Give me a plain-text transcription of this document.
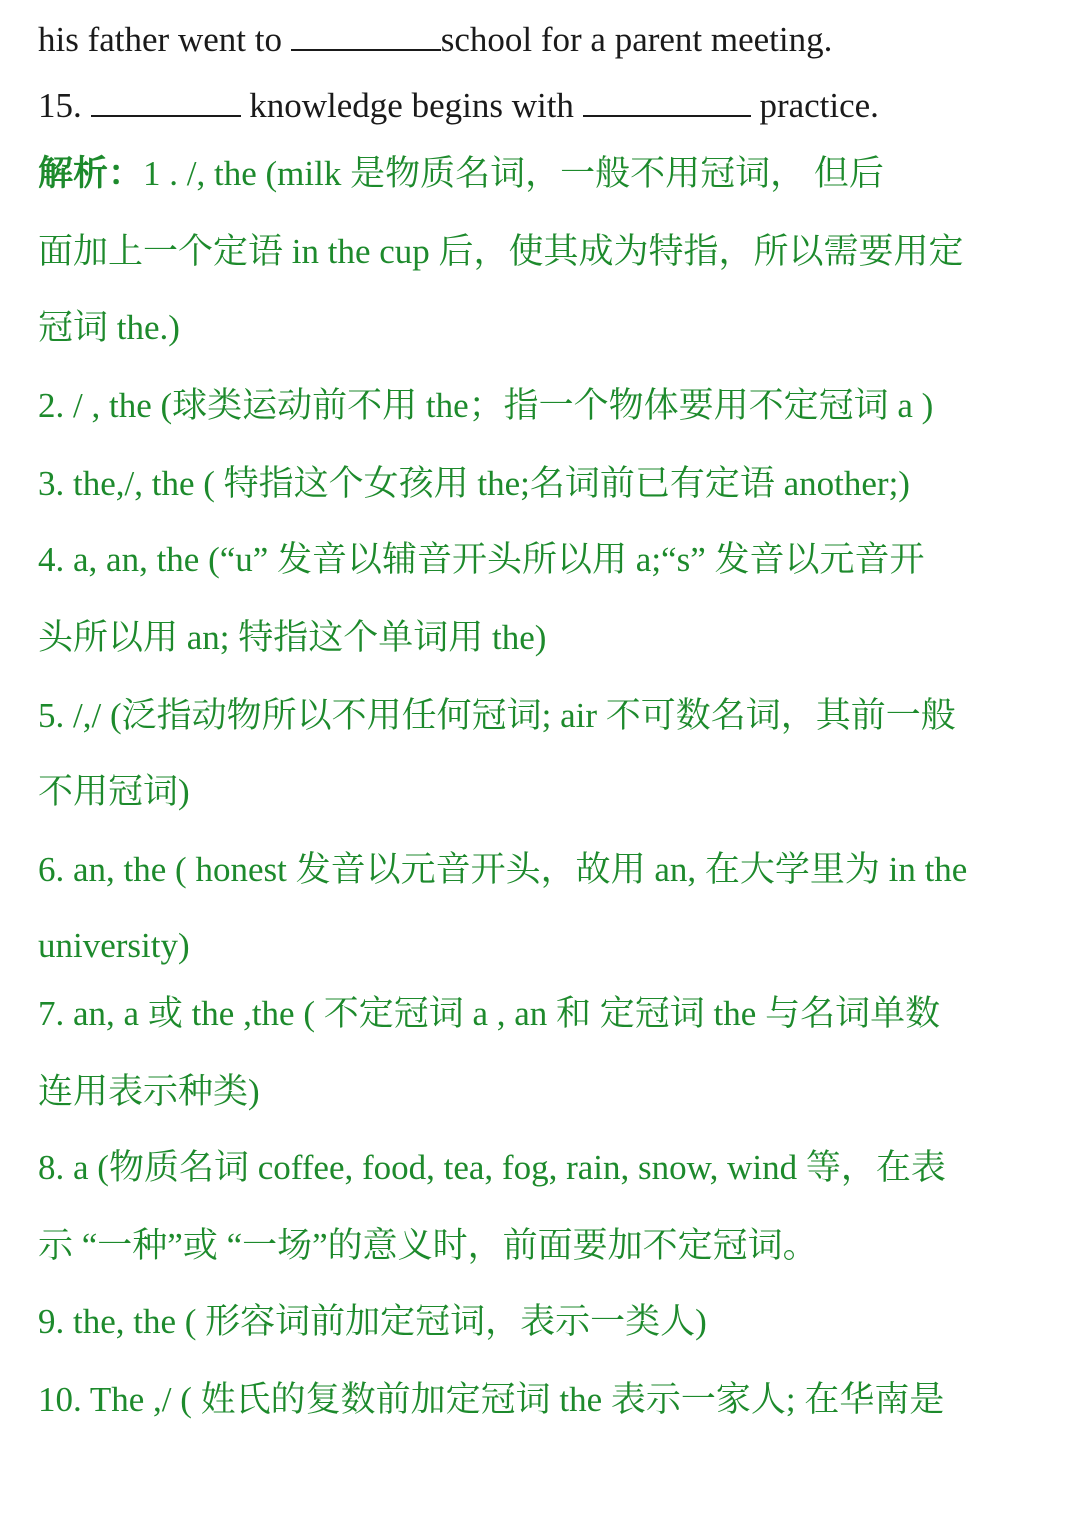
his father went to	school for a parent meeting.
15.	knowledge begins with	practice.
解析：1 . /, the (milk 是物质名词，一般不用冠词， 但后
面加上一个定语 in the cup 后，使其成为特指，所以需要用定
冠词 the.)
2. / , the (球类运动前不用 the；指一个物体要用不定冠词 a )
3. the,/, the ( 特指这个女孩用 the;名词前已有定语 another;)
4. a, an, the (“u” 发音以辅音开头所以用 a;“s” 发音以元音开
头所以用 an; 特指这个单词用 the)
5. /,/ (泛指动物所以不用任何冠词; air 不可数名词，其前一般
不用冠词)
6. an, the ( honest 发音以元音开头，故用 an, 在大学里为 in the
university)
7. an, a 或 the ,the ( 不定冠词 a , an 和 定冠词 the 与名词单数
连用表示种类)
8. a (物质名词 coffee, food, tea, fog, rain, snow, wind 等，在表
示 “一种”或 “一场”的意义时，前面要加不定冠词。
9. the, the ( 形容词前加定冠词，表示一类人)
10. The ,/ ( 姓氏的复数前加定冠词 the 表示一家人; 在华南是
